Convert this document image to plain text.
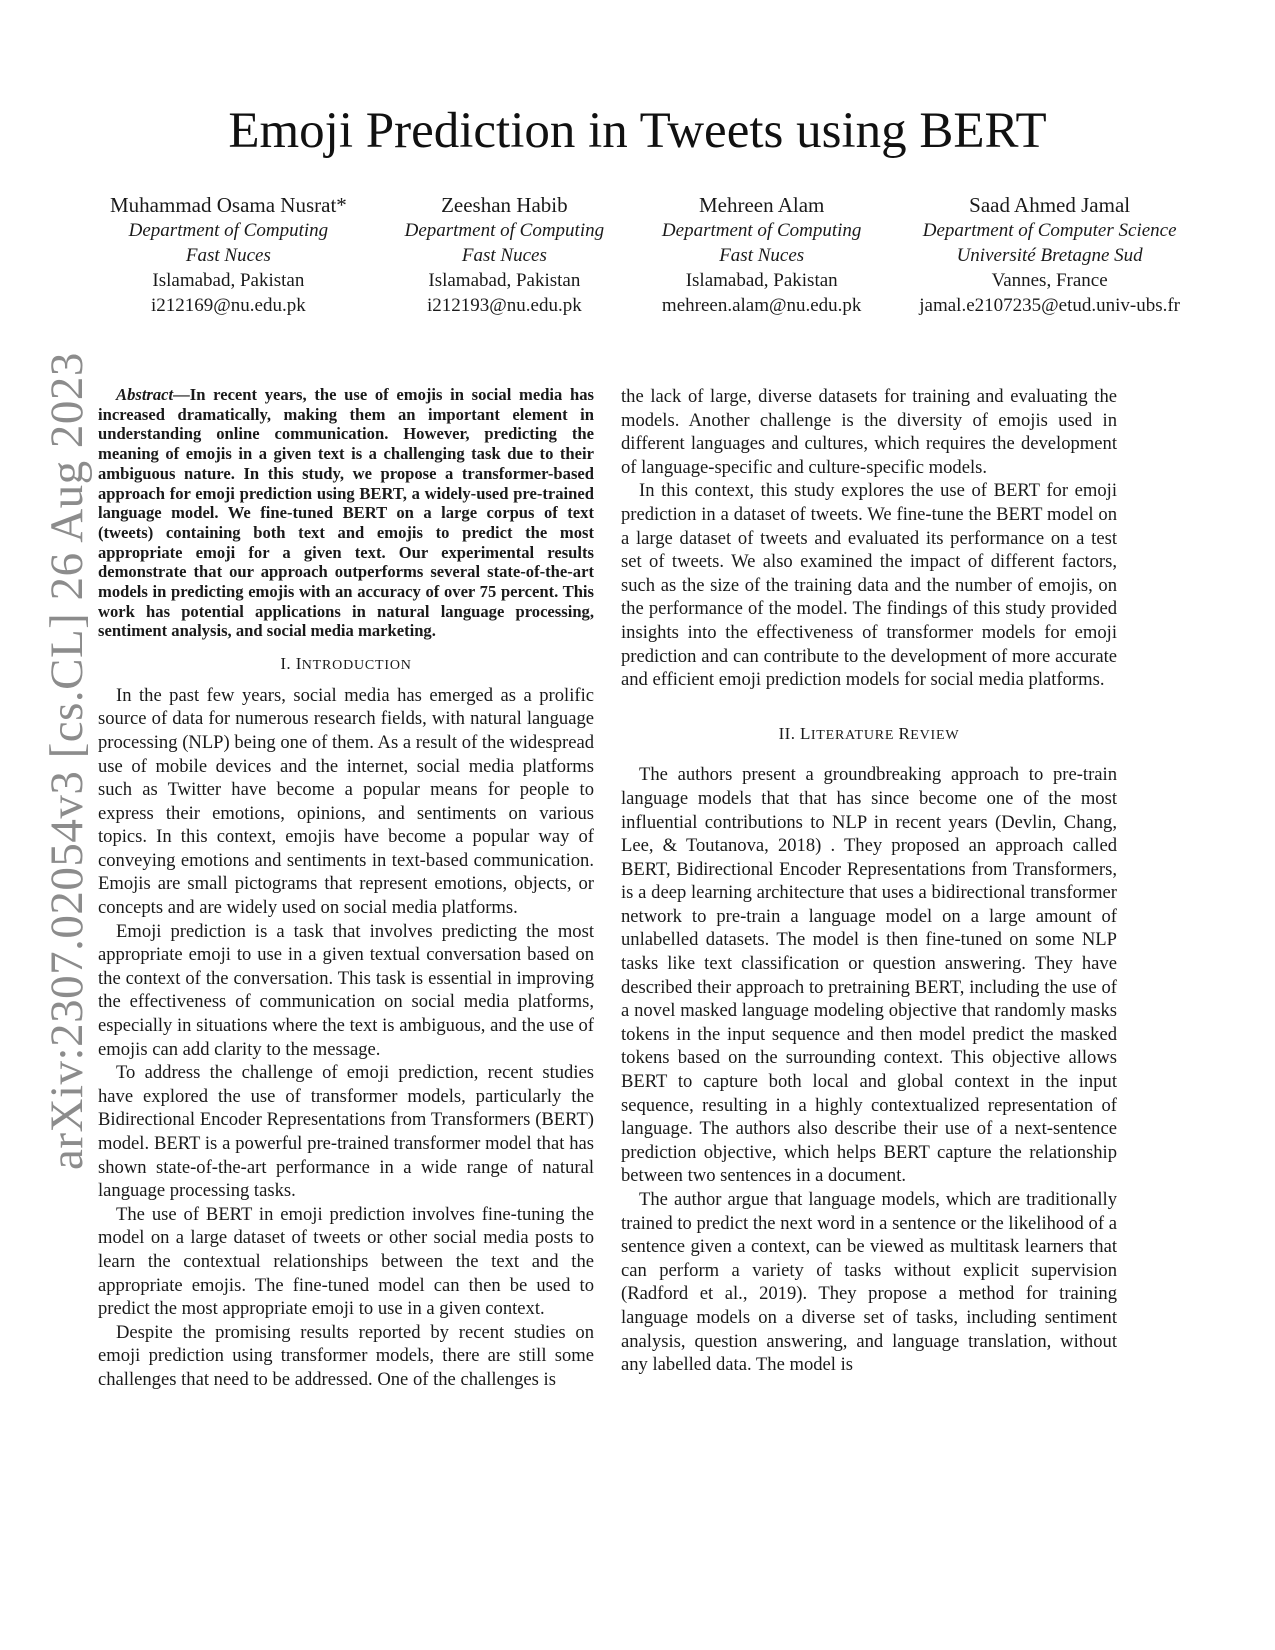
arXiv:2307.02054v3 [cs.CL] 26 Aug 2023
Emoji Prediction in Tweets using BERT
Muhammad Osama Nusrat*
Department of Computing
Fast Nuces
Islamabad, Pakistan
i212169@nu.edu.pk
Zeeshan Habib
Department of Computing
Fast Nuces
Islamabad, Pakistan
i212193@nu.edu.pk
Mehreen Alam
Department of Computing
Fast Nuces
Islamabad, Pakistan
mehreen.alam@nu.edu.pk
Saad Ahmed Jamal
Department of Computer Science
Université Bretagne Sud
Vannes, France
jamal.e2107235@etud.univ-ubs.fr

Abstract—In recent years, the use of emojis in social media has increased dramatically, making them an important element in understanding online communication. However, predicting the meaning of emojis in a given text is a challenging task due to their ambiguous nature. In this study, we propose a transformer-based approach for emoji prediction using BERT, a widely-used pre-trained language model. We fine-tuned BERT on a large corpus of text (tweets) containing both text and emojis to predict the most appropriate emoji for a given text. Our experimental results demonstrate that our approach outperforms several state-of-the-art models in predicting emojis with an accuracy of over 75 percent. This work has potential applications in natural language processing, sentiment analysis, and social media marketing.

I. INTRODUCTION

In the past few years, social media has emerged as a prolific source of data for numerous research fields, with natural language processing (NLP) being one of them. As a result of the widespread use of mobile devices and the internet, social media platforms such as Twitter have become a popular means for people to express their emotions, opinions, and sentiments on various topics. In this context, emojis have become a popular way of conveying emotions and sentiments in text-based communication. Emojis are small pictograms that represent emotions, objects, or concepts and are widely used on social media platforms.

Emoji prediction is a task that involves predicting the most appropriate emoji to use in a given textual conversation based on the context of the conversation. This task is essential in improving the effectiveness of communication on social media platforms, especially in situations where the text is ambiguous, and the use of emojis can add clarity to the message.

To address the challenge of emoji prediction, recent studies have explored the use of transformer models, particularly the Bidirectional Encoder Representations from Transformers (BERT) model. BERT is a powerful pre-trained transformer model that has shown state-of-the-art performance in a wide range of natural language processing tasks.

The use of BERT in emoji prediction involves fine-tuning the model on a large dataset of tweets or other social media posts to learn the contextual relationships between the text and the appropriate emojis. The fine-tuned model can then be used to predict the most appropriate emoji to use in a given context.

Despite the promising results reported by recent studies on emoji prediction using transformer models, there are still some challenges that need to be addressed. One of the challenges is

the lack of large, diverse datasets for training and evaluating the models. Another challenge is the diversity of emojis used in different languages and cultures, which requires the development of language-specific and culture-specific models.

In this context, this study explores the use of BERT for emoji prediction in a dataset of tweets. We fine-tune the BERT model on a large dataset of tweets and evaluated its performance on a test set of tweets. We also examined the impact of different factors, such as the size of the training data and the number of emojis, on the performance of the model. The findings of this study provided insights into the effectiveness of transformer models for emoji prediction and can contribute to the development of more accurate and efficient emoji prediction models for social media platforms.

II. LITERATURE REVIEW

The authors present a groundbreaking approach to pre-train language models that that has since become one of the most influential contributions to NLP in recent years (Devlin, Chang, Lee, & Toutanova, 2018) . They proposed an approach called BERT, Bidirectional Encoder Representations from Transformers, is a deep learning architecture that uses a bidirectional transformer network to pre-train a language model on a large amount of unlabelled datasets. The model is then fine-tuned on some NLP tasks like text classification or question answering. They have described their approach to pretraining BERT, including the use of a novel masked language modeling objective that randomly masks tokens in the input sequence and then model predict the masked tokens based on the surrounding context. This objective allows BERT to capture both local and global context in the input sequence, resulting in a highly contextualized representation of language. The authors also describe their use of a next-sentence prediction objective, which helps BERT capture the relationship between two sentences in a document.

The author argue that language models, which are traditionally trained to predict the next word in a sentence or the likelihood of a sentence given a context, can be viewed as multitask learners that can perform a variety of tasks without explicit supervision (Radford et al., 2019). They propose a method for training language models on a diverse set of tasks, including sentiment analysis, question answering, and language translation, without any labelled data. The model is
